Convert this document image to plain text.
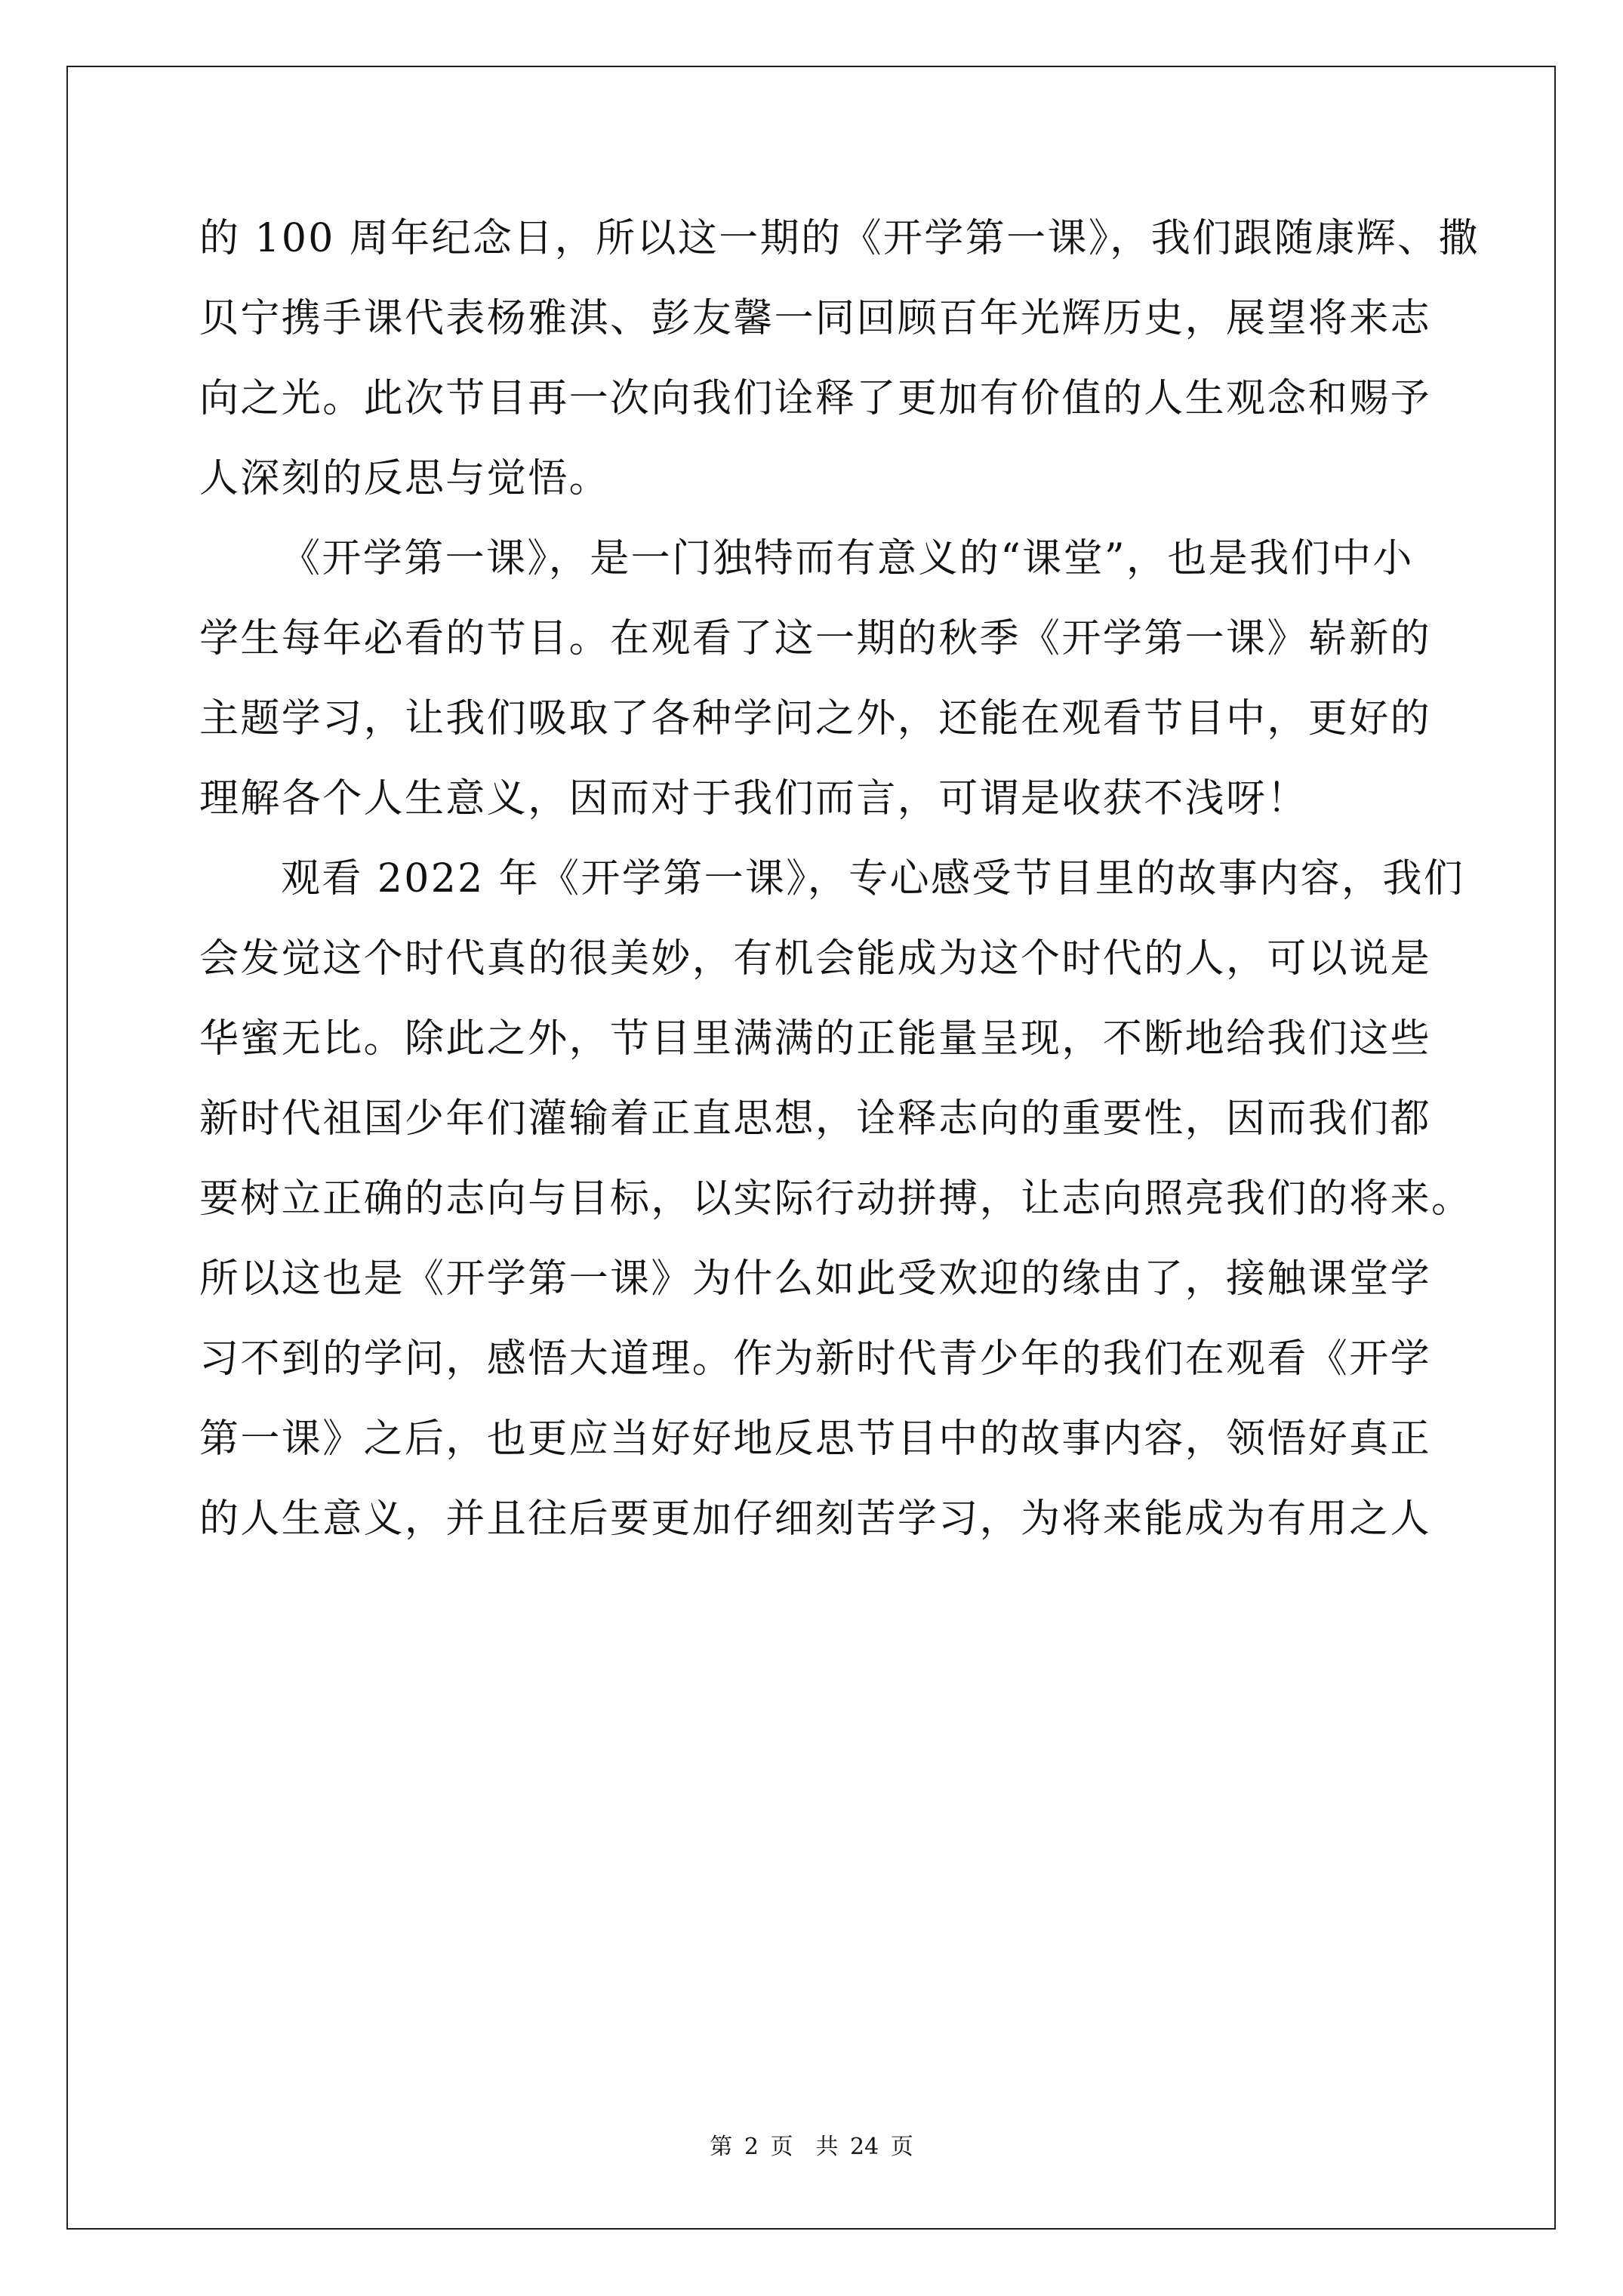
的 100 周年纪念日，所以这一期的《开学第一课》，我们跟随康辉、撒
贝宁携手课代表杨雅淇、彭友馨一同回顾百年光辉历史，展望将来志
向之光。此次节目再一次向我们诠释了更加有价值的人生观念和赐予
人深刻的反思与觉悟。
《开学第一课》，是一门独特而有意义的“课堂”，也是我们中小
学生每年必看的节目。在观看了这一期的秋季《开学第一课》崭新的
主题学习，让我们吸取了各种学问之外，还能在观看节目中，更好的
理解各个人生意义，因而对于我们而言，可谓是收获不浅呀！
观看 2022 年《开学第一课》，专心感受节目里的故事内容，我们
会发觉这个时代真的很美妙，有机会能成为这个时代的人，可以说是
华蜜无比。除此之外，节目里满满的正能量呈现，不断地给我们这些
新时代祖国少年们灌输着正直思想，诠释志向的重要性，因而我们都
要树立正确的志向与目标，以实际行动拼搏，让志向照亮我们的将来。
所以这也是《开学第一课》为什么如此受欢迎的缘由了，接触课堂学
习不到的学问，感悟大道理。作为新时代青少年的我们在观看《开学
第一课》之后，也更应当好好地反思节目中的故事内容，领悟好真正
的人生意义，并且往后要更加仔细刻苦学习，为将来能成为有用之人
第 2 页　共 24 页
